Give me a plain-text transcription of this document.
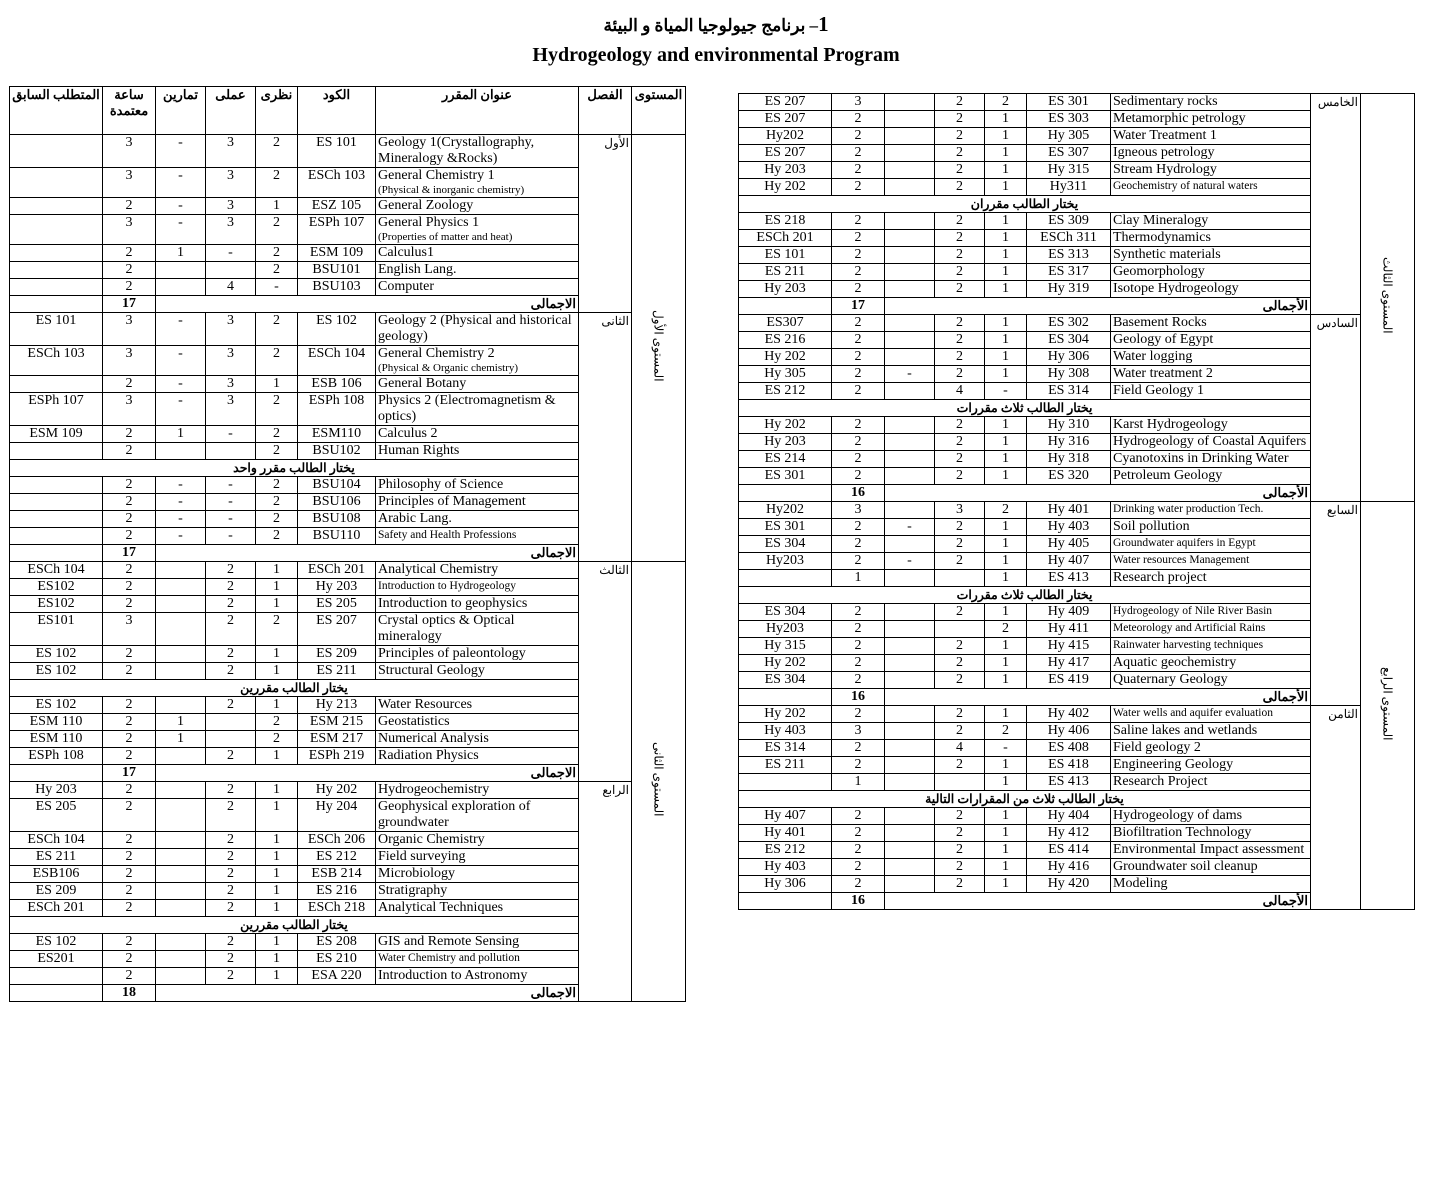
1– برنامج جيولوجيا المياة و البيئة
Hydrogeology and environmental Program
المتطلب السابق	ساعة معتمدة	تمارين	عملى	نظرى	الكود	عنوان المقرر	الفصل	المستوى
	3	-	3	2	ES 101	Geology 1(Crystallography, Mineralogy &Rocks)	الأول	المستوى الأول
	3	-	3	2	ESCh 103	General Chemistry 1
(Physical & inorganic chemistry)		

	2	-	3	1	ESZ 105	General Zoology		
	3	-	3	2	ESPh 107	General Physics 1
(Properties of matter and heat)		

	2	1	-	2	ESM 109	Calculus1		
	2			2	BSU101	English Lang.		
	2		4	-	BSU103	Computer		
	17	الاجمالى						
ES 101	3	-	3	2	ES 102	Geology 2 (Physical and historical geology)	الثانى	
ESCh 103	3	-	3	2	ESCh 104	General Chemistry 2
(Physical & Organic chemistry)		

	2	-	3	1	ESB 106	General Botany		
ESPh 107	3	-	3	2	ESPh 108	Physics 2 (Electromagnetism & optics)		
ESM 109	2	1	-	2	ESM110	Calculus 2		
	2			2	BSU102	Human Rights		
يختار الطالب مقرر واحد								
	2	-	-	2	BSU104	Philosophy of Science		
	2	-	-	2	BSU106	Principles of Management		
	2	-	-	2	BSU108	Arabic Lang.		
	2	-	-	2	BSU110	Safety and Health Professions		
	17	الاجمالى						
ESCh 104	2		2	1	ESCh 201	Analytical Chemistry	الثالث	المستوى الثانى
ES102	2		2	1	Hy 203	Introduction to Hydrogeology		
ES102	2		2	1	ES 205	Introduction to geophysics		
ES101	3		2	2	ES 207	Crystal optics & Optical mineralogy		
ES 102	2		2	1	ES 209	Principles of paleontology		
ES 102	2		2	1	ES 211	Structural Geology		
يختار الطالب مقررين								
ES 102	2		2	1	Hy 213	Water Resources		
ESM 110	2	1		2	ESM 215	Geostatistics		
ESM 110	2	1		2	ESM 217	Numerical Analysis		
ESPh 108	2		2	1	ESPh 219	Radiation Physics		
	17	الاجمالى						
Hy 203	2		2	1	Hy 202	Hydrogeochemistry	الرابع	
ES 205	2		2	1	Hy 204	Geophysical exploration of groundwater		
ESCh 104	2		2	1	ESCh 206	Organic Chemistry		
ES 211	2		2	1	ES 212	Field surveying		
ESB106	2		2	1	ESB 214	Microbiology		
ES 209	2		2	1	ES 216	Stratigraphy		
ESCh 201	2		2	1	ESCh 218	Analytical Techniques		
يختار الطالب مقررين								
ES 102	2		2	1	ES 208	GIS and Remote Sensing		
ES201	2		2	1	ES 210	Water Chemistry and pollution		
	2		2	1	ESA 220	Introduction to Astronomy		
	18	الاجمالى						
ES 207	3		2	2	ES 301	Sedimentary rocks	الخامس	المستوى الثالث
ES 207	2		2	1	ES 303	Metamorphic petrology		
Hy202	2		2	1	Hy 305	Water Treatment 1		
ES 207	2		2	1	ES 307	Igneous petrology		
Hy 203	2		2	1	Hy 315	Stream Hydrology		
Hy 202	2		2	1	Hy311	Geochemistry of natural waters		
يختار الطالب مقرران								
ES 218	2		2	1	ES 309	Clay Mineralogy		
ESCh 201	2		2	1	ESCh 311	Thermodynamics		
ES 101	2		2	1	ES 313	Synthetic materials		
ES 211	2		2	1	ES 317	Geomorphology		
Hy 203	2		2	1	Hy 319	Isotope Hydrogeology		
	17	الأجمالى						
ES307	2		2	1	ES 302	Basement Rocks	السادس	
ES 216	2		2	1	ES 304	Geology of Egypt		
Hy 202	2		2	1	Hy 306	Water logging		
Hy 305	2	-	2	1	Hy 308	Water treatment 2		
ES 212	2		4	-	ES 314	Field Geology 1		
يختار الطالب ثلاث مقررات								
Hy 202	2		2	1	Hy 310	Karst Hydrogeology		
Hy 203	2		2	1	Hy 316	Hydrogeology of Coastal Aquifers		
ES 214	2		2	1	Hy 318	Cyanotoxins in Drinking Water		
ES 301	2		2	1	ES 320	Petroleum Geology		
	16	الأجمالى						
Hy202	3		3	2	Hy 401	Drinking water production Tech.	السابع	المستوى الرابع
ES 301	2	-	2	1	Hy 403	Soil pollution		
ES 304	2		2	1	Hy 405	Groundwater aquifers in Egypt		
Hy203	2	-	2	1	Hy 407	Water resources Management		
	1			1	ES 413	Research project		
يختار الطالب ثلاث مقررات								
ES 304	2		2	1	Hy 409	Hydrogeology of Nile River Basin		
Hy203	2			2	Hy 411	Meteorology and Artificial Rains		
Hy 315	2		2	1	Hy 415	Rainwater harvesting techniques		
Hy 202	2		2	1	Hy 417	Aquatic geochemistry		
ES 304	2		2	1	ES 419	Quaternary Geology		
	16	الأجمالى						
Hy 202	2		2	1	Hy 402	Water wells and aquifer evaluation	الثامن	
Hy 403	3		2	2	Hy 406	Saline lakes and wetlands		
ES 314	2		4	-	ES 408	Field geology 2		
ES 211	2		2	1	ES 418	Engineering Geology		
	1			1	ES 413	Research Project		
يختار الطالب ثلاث من المقرارات التالية								
Hy 407	2		2	1	Hy 404	Hydrogeology of dams		
Hy 401	2		2	1	Hy 412	Biofiltration Technology		
ES 212	2		2	1	ES 414	Environmental Impact assessment		
Hy 403	2		2	1	Hy 416	Groundwater soil cleanup		
Hy 306	2		2	1	Hy 420	Modeling		
	16	الأجمالى						
